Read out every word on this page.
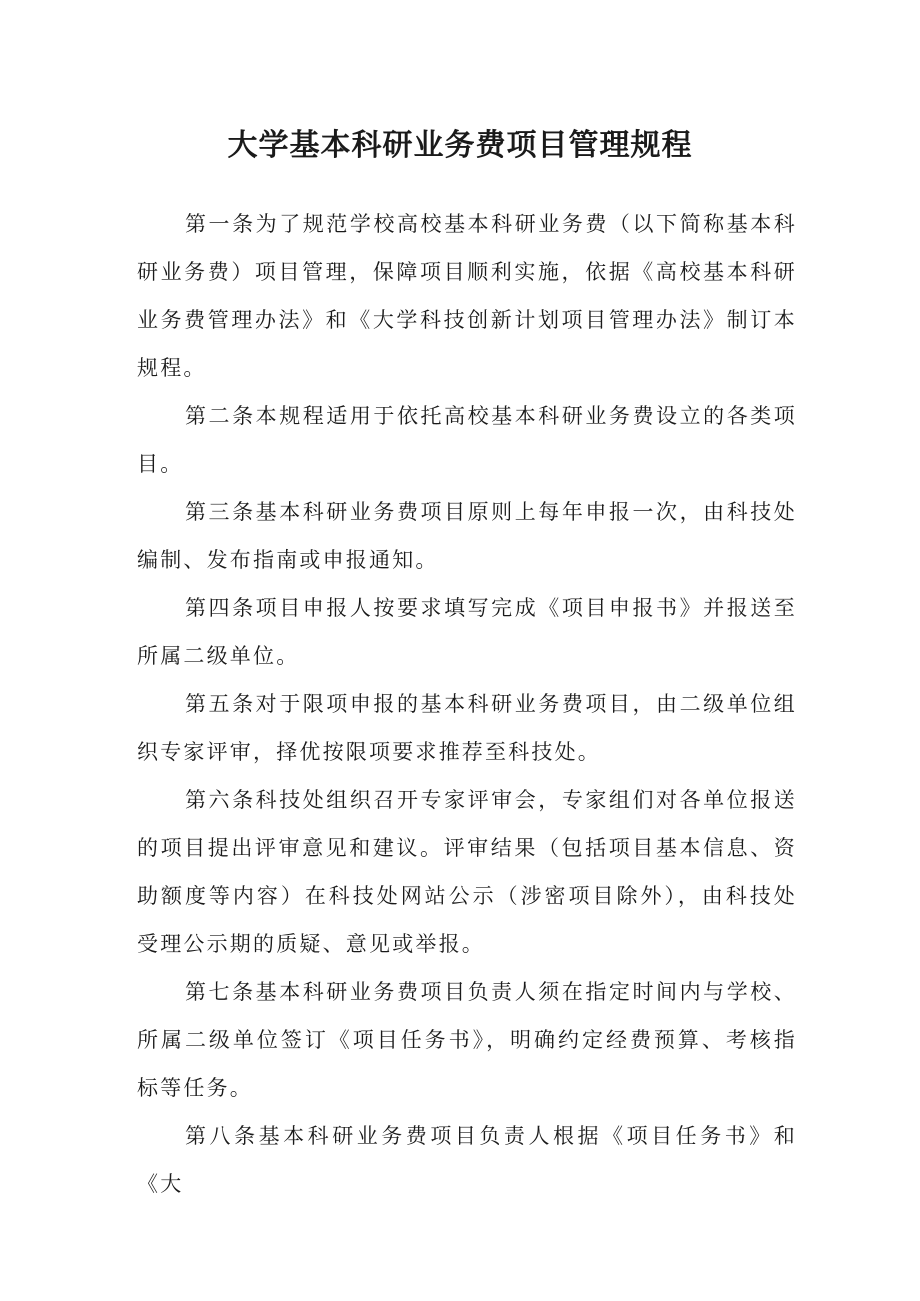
大学基本科研业务费项目管理规程

第一条为了规范学校高校基本科研业务费（以下简称基本科研业务费）项目管理，保障项目顺利实施，依据《高校基本科研业务费管理办法》和《大学科技创新计划项目管理办法》制订本规程。

第二条本规程适用于依托高校基本科研业务费设立的各类项目。

第三条基本科研业务费项目原则上每年申报一次，由科技处编制、发布指南或申报通知。

第四条项目申报人按要求填写完成《项目申报书》并报送至所属二级单位。

第五条对于限项申报的基本科研业务费项目，由二级单位组织专家评审，择优按限项要求推荐至科技处。

第六条科技处组织召开专家评审会，专家组们对各单位报送的项目提出评审意见和建议。评审结果（包括项目基本信息、资助额度等内容）在科技处网站公示（涉密项目除外），由科技处受理公示期的质疑、意见或举报。

第七条基本科研业务费项目负责人须在指定时间内与学校、所属二级单位签订《项目任务书》，明确约定经费预算、考核指标等任务。

第八条基本科研业务费项目负责人根据《项目任务书》和《大
